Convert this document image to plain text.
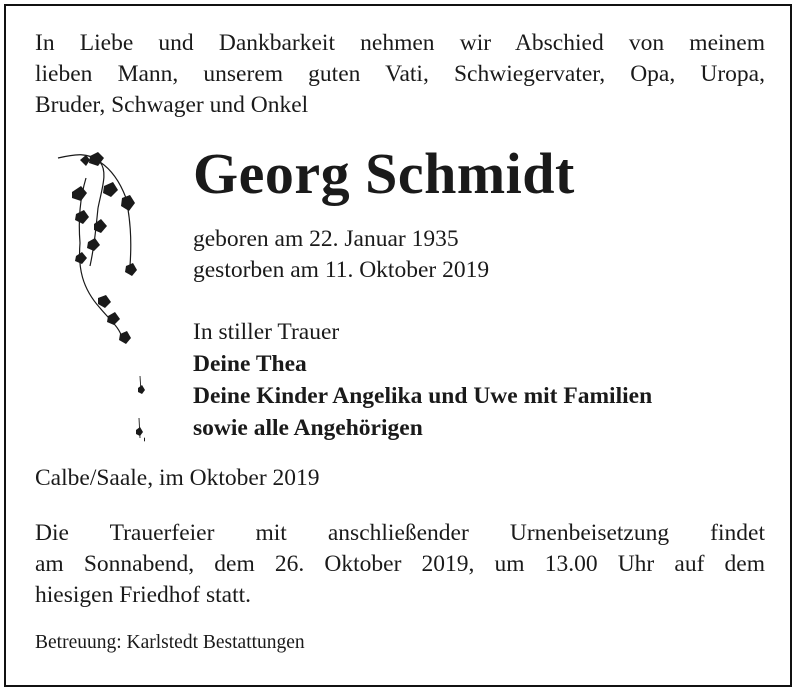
In Liebe und Dankbarkeit nehmen wir Abschied von meinem
lieben Mann, unserem guten Vati, Schwiegervater, Opa, Uropa,
Bruder, Schwager und Onkel
Georg Schmidt
geboren am 22. Januar 1935
gestorben am 11. Oktober 2019
In stiller Trauer
Deine Thea
Deine Kinder Angelika und Uwe mit Familien
sowie alle Angehörigen
Calbe/Saale, im Oktober 2019
Die Trauerfeier mit anschließender Urnenbeisetzung findet
am Sonnabend, dem 26. Oktober 2019, um 13.00 Uhr auf dem
hiesigen Friedhof statt.
Betreuung: Karlstedt Bestattungen
